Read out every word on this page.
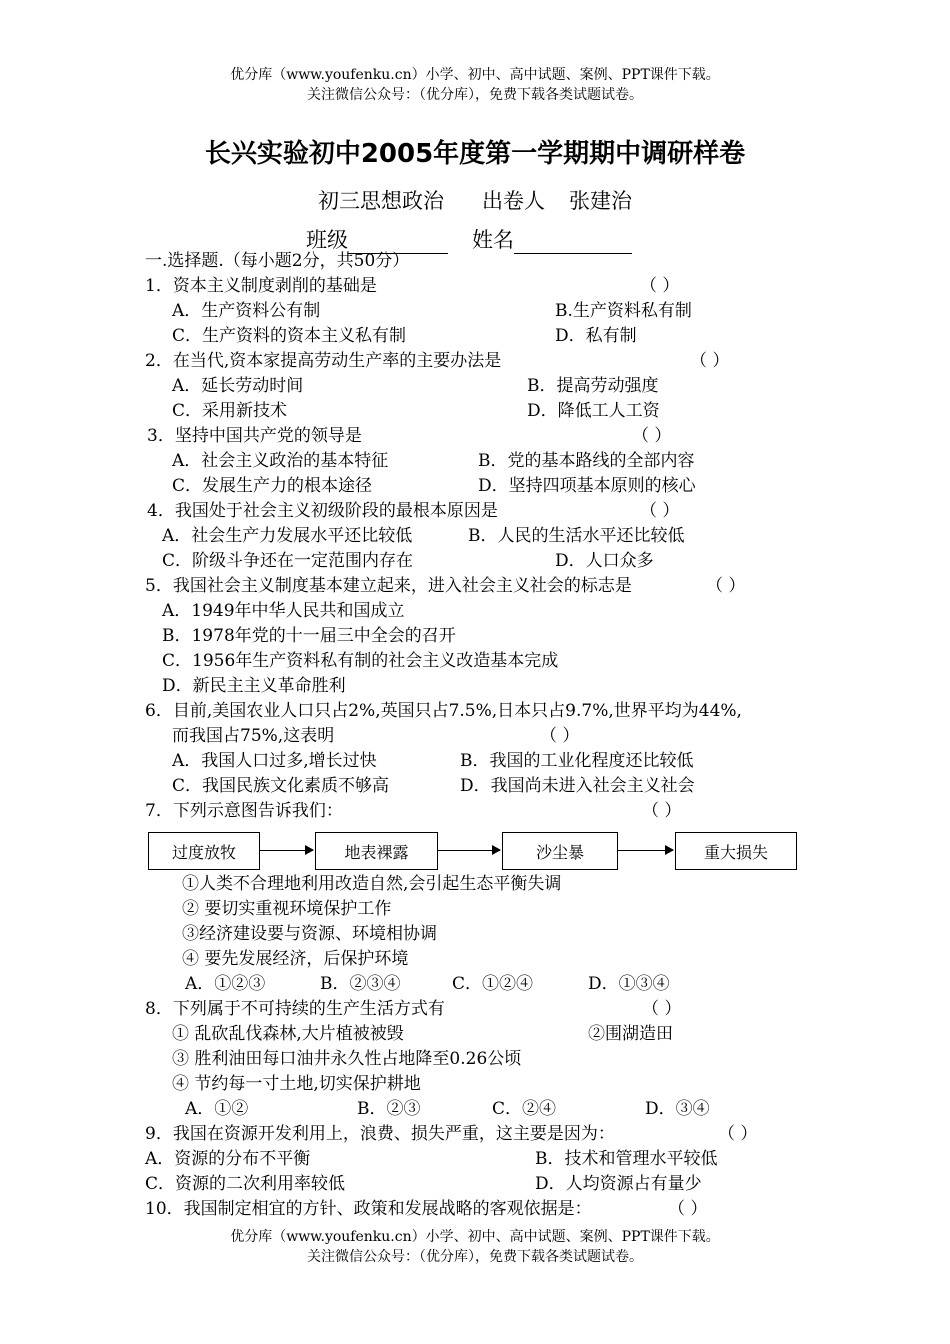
优分库（www.youfenku.cn）小学、初中、高中试题、案例、PPT课件下载。
关注微信公众号：（优分库），免费下载各类试题试卷。
长兴实验初中2005年度第一学期期中调研样卷
初三思想政治 出卷人 张建治
班级	姓名
一.选择题.（每小题2分，共50分）
1．资本主义制度剥削的基础是	（ ）
A．生产资料公有制	B.生产资料私有制
C．生产资料的资本主义私有制	D．私有制
2．在当代,资本家提高劳动生产率的主要办法是	（ ）
A．延长劳动时间	B．提高劳动强度
C．采用新技术	D．降低工人工资
3．坚持中国共产党的领导是	（ ）
A．社会主义政治的基本特征	B．党的基本路线的全部内容
C．发展生产力的根本途径	D．坚持四项基本原则的核心
4．我国处于社会主义初级阶段的最根本原因是	（ ）
A．社会生产力发展水平还比较低	B．人民的生活水平还比较低
C．阶级斗争还在一定范围内存在	D．人口众多
5．我国社会主义制度基本建立起来，进入社会主义社会的标志是	（ ）
A．1949年中华人民共和国成立
B．1978年党的十一届三中全会的召开
C．1956年生产资料私有制的社会主义改造基本完成
D．新民主主义革命胜利
6．目前,美国农业人口只占2%,英国只占7.5%,日本只占9.7%,世界平均为44%,
而我国占75%,这表明	（ ）
A．我国人口过多,增长过快	B．我国的工业化程度还比较低
C．我国民族文化素质不够高	D．我国尚未进入社会主义社会
7．下列示意图告诉我们：	（ ）
过度放牧	地表裸露	沙尘暴	重大损失
①人类不合理地利用改造自然,会引起生态平衡失调
② 要切实重视环境保护工作
③经济建设要与资源、环境相协调
④ 要先发展经济，后保护环境
A．①②③	B．②③④	C．①②④	D．①③④
8．下列属于不可持续的生产生活方式有	（ ）
① 乱砍乱伐森林,大片植被被毁	②围湖造田
③ 胜利油田每口油井永久性占地降至0.26公顷
④ 节约每一寸土地,切实保护耕地
A．①②	B．②③	C．②④	D．③④
9．我国在资源开发利用上，浪费、损失严重，这主要是因为：	（ ）
A．资源的分布不平衡	B．技术和管理水平较低
C．资源的二次利用率较低	D．人均资源占有量少
10．我国制定相宜的方针、政策和发展战略的客观依据是：	（ ）
优分库（www.youfenku.cn）小学、初中、高中试题、案例、PPT课件下载。
关注微信公众号：（优分库），免费下载各类试题试卷。
